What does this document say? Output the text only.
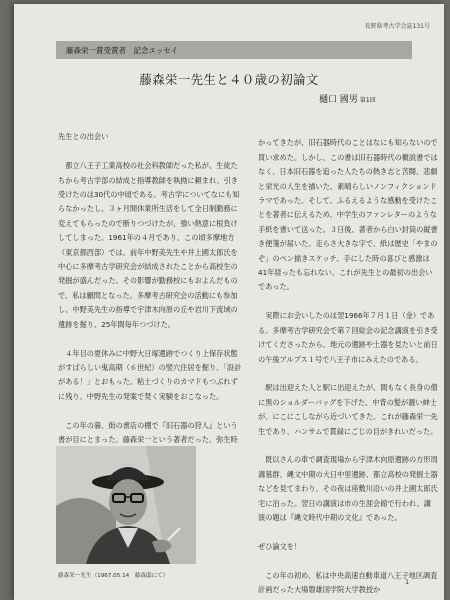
長野県考古学会誌131号
藤森栄一賞受賞者　記念エッセイ
藤森栄一先生と４０歳の初論文
樋口 國男 第1回

先生との出会い

　都立八王子工業高校の社会科教師だった私が、生徒たちから考古学部の結成と指導教師を執拗に頼まれ、引き受けたのは30代の中頃である。考古学についてなにも知らなかったし、３ヶ月間休業所生活をして全日制勤務に変えてもらったので断りつづけたが、強い熱意に根負けしてしまった。1961年の４月であり、この頃多摩地方（東京都西部）では、前年中野美先生や井上國太郎氏を中心に多摩考古学研究会が結成されたことから高校生の発掘が盛んだった。その影響が勤務校にもおよんだもので、私は顧問となった。多摩考古研究会の活動にも参加し、中野美先生の指導で宇津木向原の丘や岩川下流域の遺跡を掘り、25年間毎年つづけた。

　４年目の夏休みに中野大日塚遺跡でつくり上保存状態がすばらしい鬼高期（６世紀）の竪穴住居を掘り、「設計がある！」とおもった。粘土づくりのカマドもつぶれずに残り、中野先生の発案で焚く実験をおこなった。

　この年の暮、街の書店の棚で『旧石器の狩人』という書が目にとまった。藤森栄一という著者だった。弥生時

かってきたが、旧石器時代のことはなにも知らないので買い求めた。しかし、この書は旧石器時代の概説書ではなく、日本旧石器を追った人たちの熱き志と苦闘、悲劇と栄光の人生を描いた、素晴らしいノンフィクションドラマであった。そして、ふるえるような感動を受けたことを著者に伝えるため、中学生のファンレターのような手紙を書いて送った。３日後、著者から白い封筒の縦書き便箋が届いた。走らさ大きな字で、紙は歴史「やまのぞ」のペン描きスケッチ、手にした時の喜びと感激は41年経ったも忘れない。これが先生との最初の出会いであった。

　実際にお会いしたのは翌1966年７月１日（金）である。多摩考古学研究会で第７回総会の記念講演を引き受けてくださったから、地元の遺跡や土器を見たいと前日の午後アルプス１号で八王子市にみえたのである。

　駅は出迎えた人と駅に出迎えたが、間もなく長身の僧に黒のショルダーバッグを下げた、中背の髪が濃い紳士が、にこにこしながら近づいてきた。これが藤森栄一先生であり、ハンサムで貫録にごじの目がきれいだった。

　既以さんの車で調査現場から宇津木向原遺跡の方形周溝墓群、縄文中期の大日中里遺跡、都立高校の発掘土器などを見てまわり、その夜は座敷川沿いの井上國太郎氏宅に泊った。翌日の講演は市の生涯会館で行われ、講演の題は『縄文時代中期の文化』であった。

ぜひ論文を！

　この年の初め、私は中央高速自動車道八王子地区調査計画だった大場磐雄国学院大学教授か

藤森栄一先生（1967.05.14　藤森邸にて）
1
